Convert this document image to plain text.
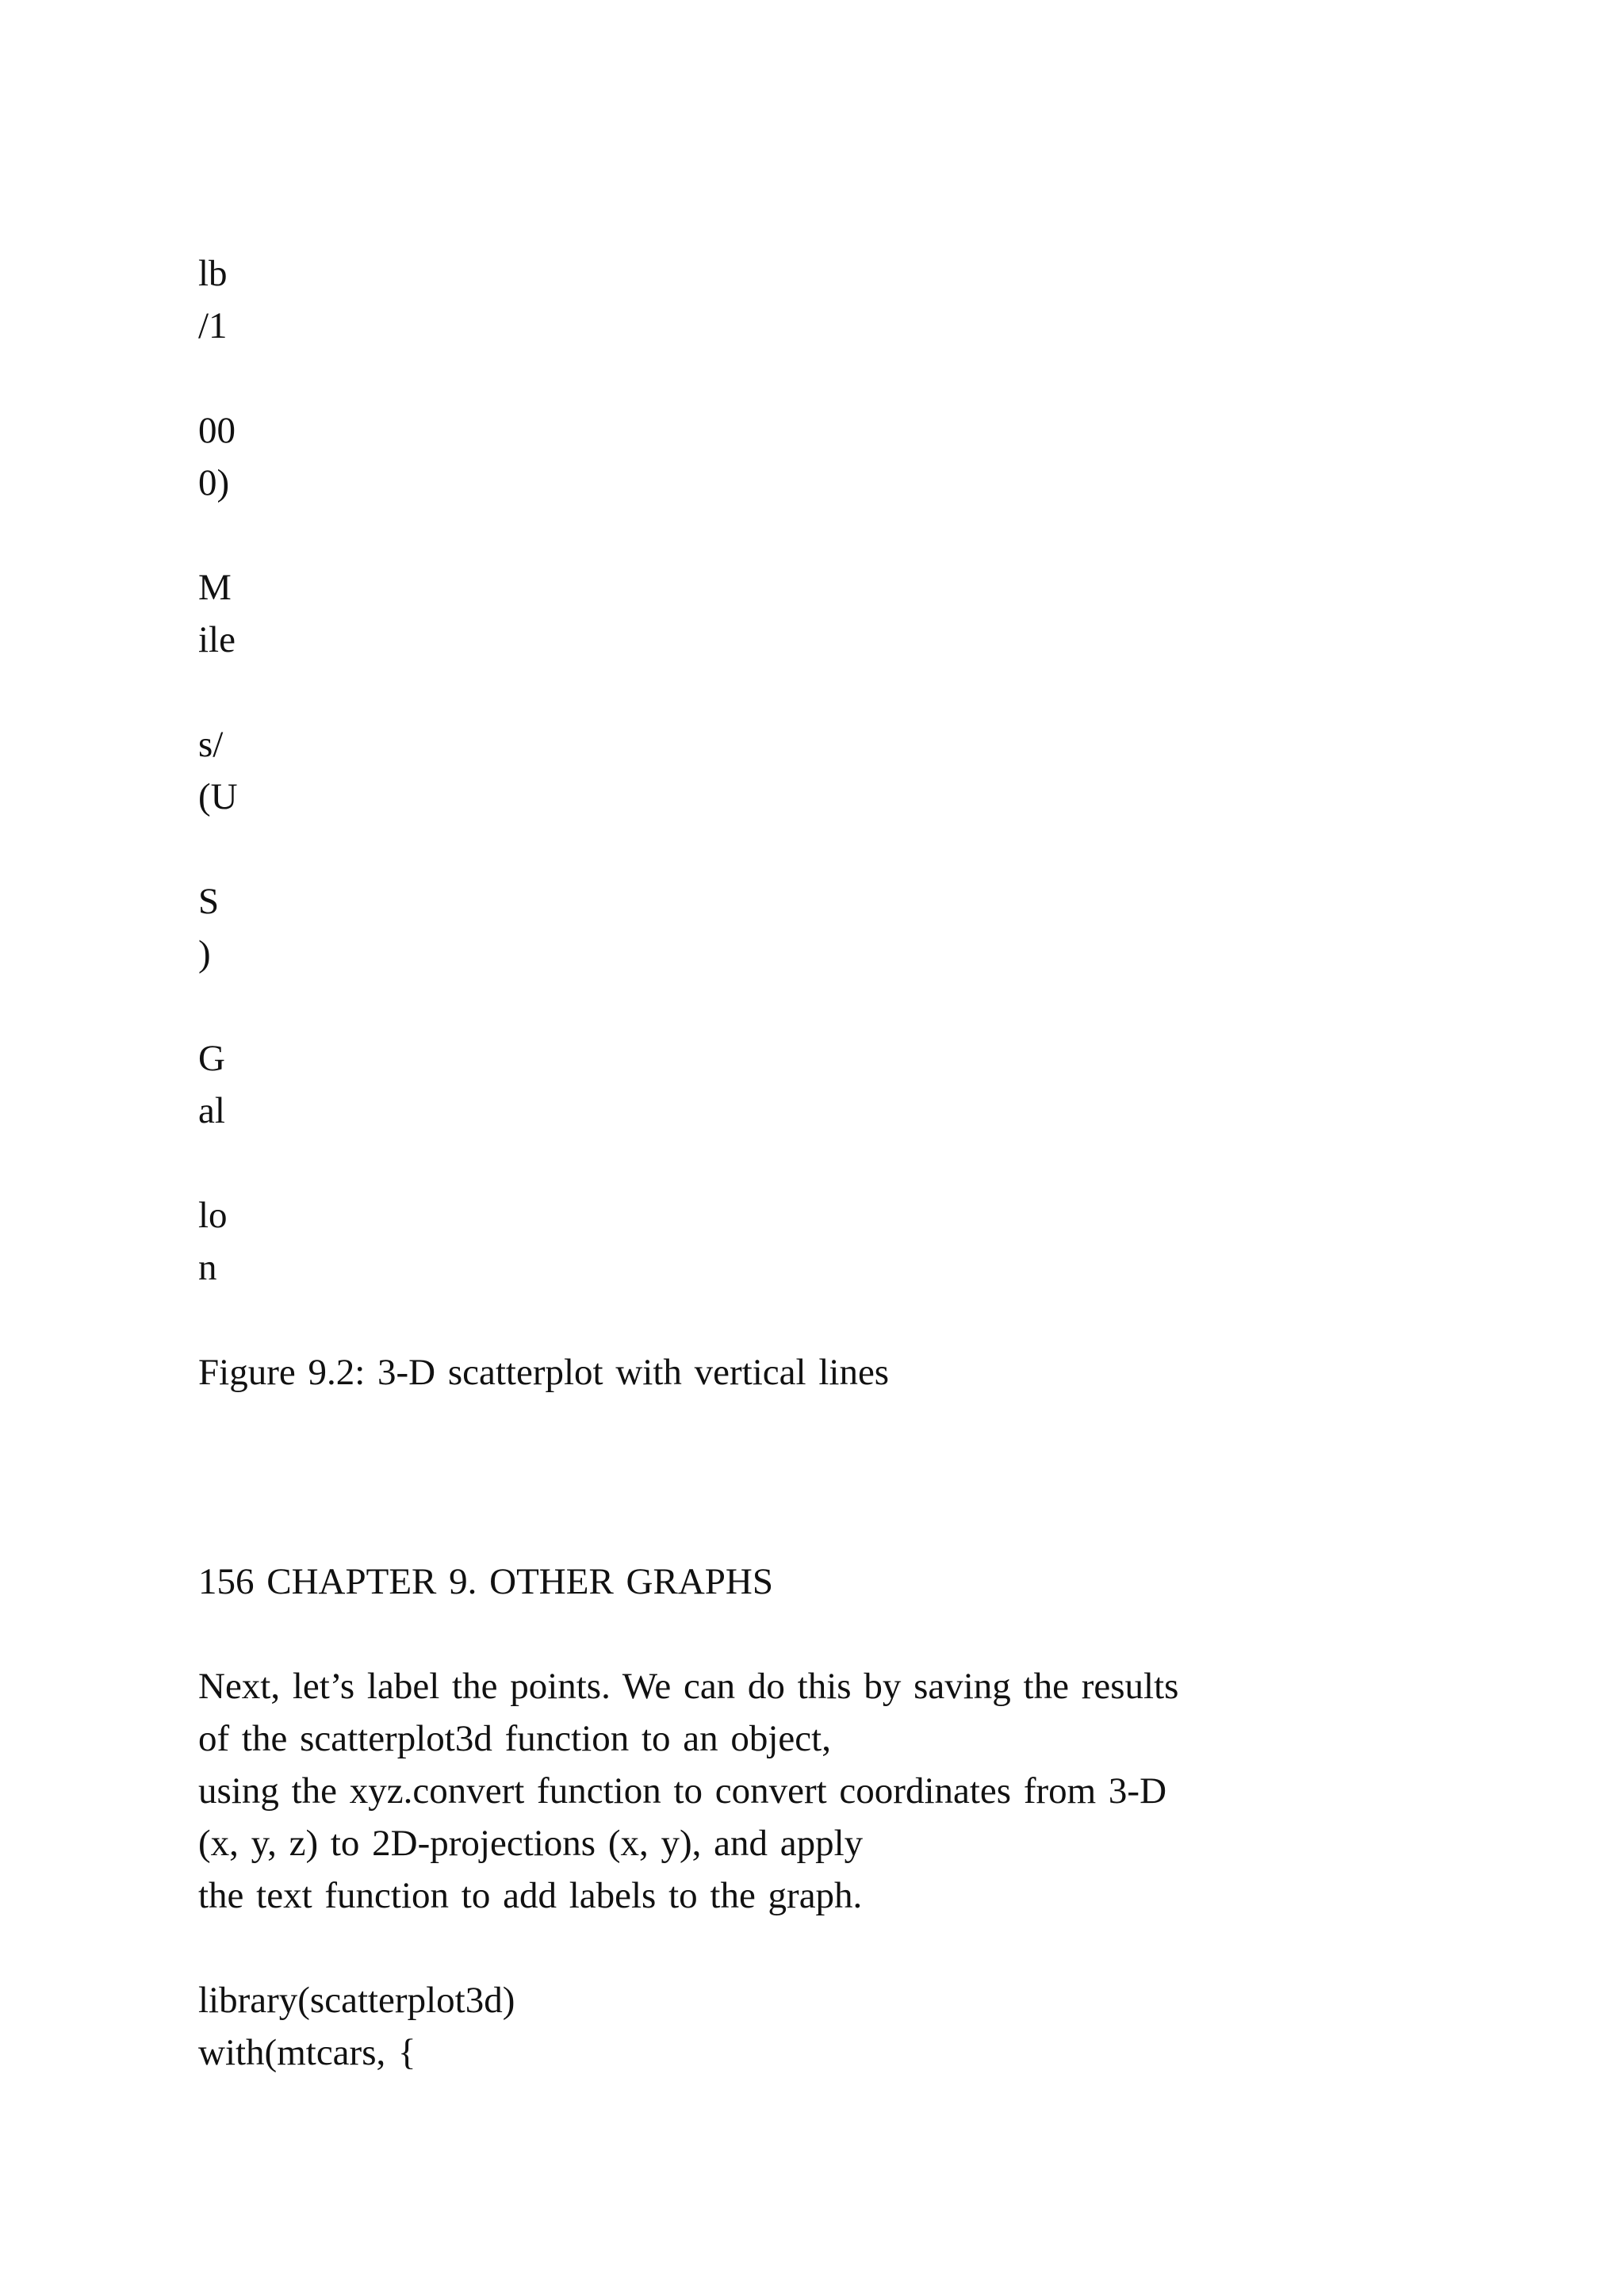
lb

/1

00

0)

M

ile

s/

(U

S

)

G

al

lo

n

Figure 9.2: 3-D scatterplot with vertical lines

156 CHAPTER 9. OTHER GRAPHS

Next, let’s label the points. We can do this by saving the results

of the scatterplot3d function to an object,

using the xyz.convert function to convert coordinates from 3-D

(x, y, z) to 2D-projections (x, y), and apply

the text function to add labels to the graph.

library(scatterplot3d)

with(mtcars, {
